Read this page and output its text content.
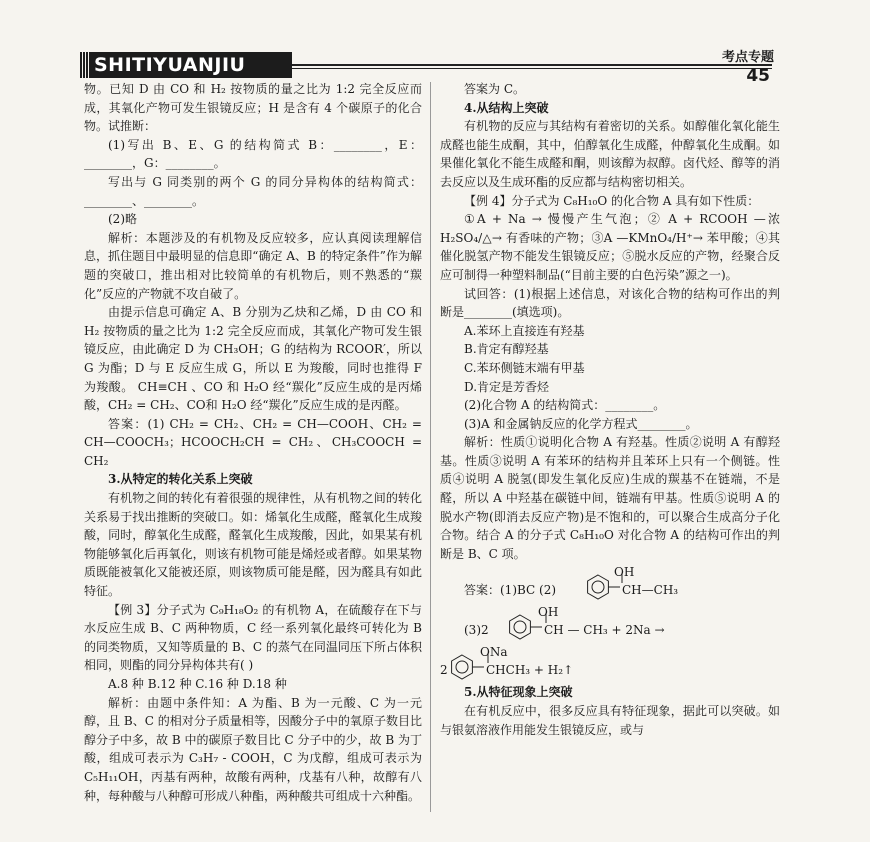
SHITIYUANJIU	考点专题
45

物。已知 D 由 CO 和 H₂ 按物质的量之比为 1:2 完全反应而成，其氧化产物可发生银镜反应；H 是含有 4 个碳原子的化合物。试推断：

(1)写出 B、E、G 的结构简式 B：________，E：________，G：________。

写出与 G 同类别的两个 G 的同分异构体的结构简式：________、________。

(2)略

解析：本题涉及的有机物及反应较多，应认真阅读理解信息，抓住题目中最明显的信息即“确定 A、B 的特定条件”作为解题的突破口，推出相对比较简单的有机物后，则不熟悉的“羰化”反应的产物就不攻自破了。

由提示信息可确定 A、B 分别为乙炔和乙烯，D 由 CO 和 H₂ 按物质的量之比为 1:2 完全反应而成，其氧化产物可发生银镜反应，由此确定 D 为 CH₃OH；G 的结构为 RCOOR′，所以 G 为酯；D 与 E 反应生成 G，所以 E 为羧酸，同时也推得 F 为羧酸。 CH≡CH 、CO 和 H₂O 经“羰化”反应生成的是丙烯酸，CH₂ = CH₂、CO和 H₂O 经“羰化”反应生成的是丙醛。

答案：(1) CH₂ = CH₂、CH₂ = CH—COOH、CH₂ = CH—COOCH₃；HCOOCH₂CH = CH₂、CH₃COOCH = CH₂

3.从特定的转化关系上突破

有机物之间的转化有着很强的规律性，从有机物之间的转化关系易于找出推断的突破口。如：烯氧化生成醛，醛氧化生成羧酸，同时，醇氧化生成醛，醛氧化生成羧酸，因此，如果某有机物能够氧化后再氧化，则该有机物可能是烯烃或者醇。如果某物质既能被氧化又能被还原，则该物质可能是醛，因为醛具有如此特征。

【例 3】分子式为 C₉H₁₈O₂ 的有机物 A，在硫酸存在下与水反应生成 B、C 两种物质，C 经一系列氧化最终可转化为 B 的同类物质，又知等质量的 B、C 的蒸气在同温同压下所占体积相同，则酯的同分异构体共有( )

A.8 种 B.12 种 C.16 种 D.18 种

解析：由题中条件知：A 为酯、B 为一元酸、C 为一元醇，且 B、C 的相对分子质量相等，因酸分子中的氧原子数目比醇分子中多，故 B 中的碳原子数目比 C 分子中的少，故 B 为丁酸，组成可表示为 C₃H₇ - COOH，C 为戊醇，组成可表示为 C₅H₁₁OH，丙基有两种，故酸有两种，戊基有八种，故醇有八种，每种酸与八种醇可形成八种酯，两种酸共可组成十六种酯。

答案为 C。

4.从结构上突破

有机物的反应与其结构有着密切的关系。如醇催化氧化能生成醛也能生成酮，其中，伯醇氧化生成醛，仲醇氧化生成酮。如果催化氧化不能生成醛和酮，则该醇为叔醇。卤代烃、醇等的消去反应以及生成环酯的反应都与结构密切相关。

【例 4】分子式为 C₈H₁₀O 的化合物 A 具有如下性质：

①A + Na → 慢慢产生气泡；② A + RCOOH —浓 H₂SO₄/△→ 有香味的产物；③A —KMnO₄/H⁺→ 苯甲酸；④其催化脱氢产物不能发生银镜反应；⑤脱水反应的产物，经聚合反应可制得一种塑料制品(“目前主要的白色污染”源之一)。

试回答：(1)根据上述信息，对该化合物的结构可作出的判断是________(填选项)。

A.苯环上直接连有羟基

B.肯定有醇羟基

C.苯环侧链末端有甲基

D.肯定是芳香烃

(2)化合物 A 的结构简式：________。

(3)A 和金属钠反应的化学方程式________。

解析：性质①说明化合物 A 有羟基。性质②说明 A 有醇羟基。性质③说明 A 有苯环的结构并且苯环上只有一个侧链。性质④说明 A 脱氢(即发生氧化反应)生成的羰基不在链端，不是醛，所以 A 中羟基在碳链中间，链端有甲基。性质⑤说明 A 的脱水产物(即消去反应产物)是不饱和的，可以聚合生成高分子化合物。结合 A 的分子式 C₈H₁₀O 对化合物 A 的结构可作出的判断是 B、C 项。

答案：(1)BC (2)
OH
CH—CH₃
(3)2
OH
CH — CH₃ + 2Na →
2
ONa
CHCH₃ + H₂↑

5.从特征现象上突破

在有机反应中，很多反应具有特征现象，据此可以突破。如与银氨溶液作用能发生银镜反应，或与
